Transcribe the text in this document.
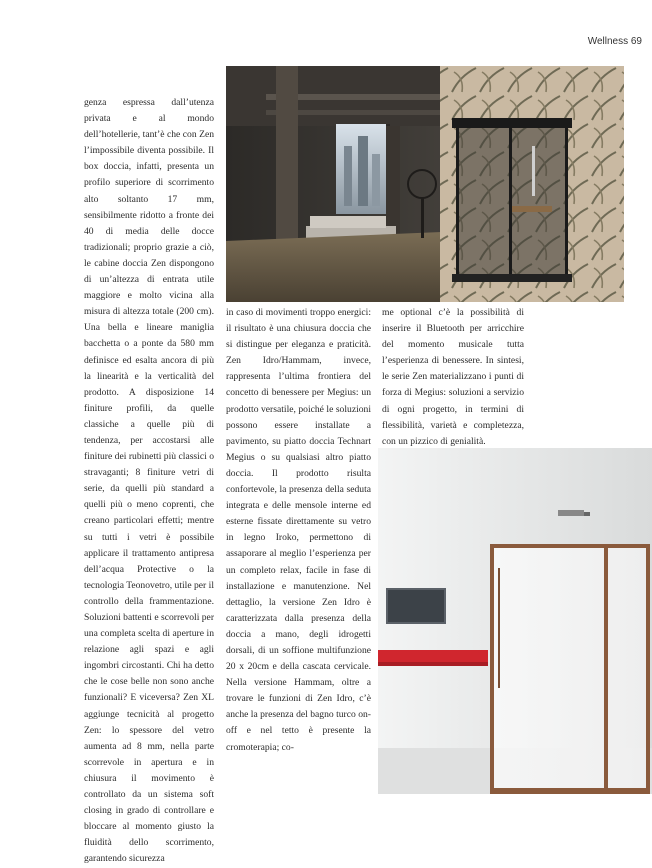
Wellness 69

genza espressa dall’utenza privata e al mondo dell’hotellerie, tant’è che con Zen l’impossibile diventa possibile. Il box doccia, infatti, presenta un profilo superiore di scorrimento alto soltanto 17 mm, sensibilmente ridotto a fronte dei 40 di media delle docce tradizionali; proprio grazie a ciò, le cabine doccia Zen dispongono di un’altezza di entrata utile maggiore e molto vicina alla misura di altezza totale (200 cm). Una bella e lineare maniglia bacchetta o a ponte da 580 mm definisce ed esalta ancora di più la linearità e la verticalità del prodotto. A disposizione 14 finiture profili, da quelle classiche a quelle più di tendenza, per accostarsi alle finiture dei rubinetti più classici o stravaganti; 8 finiture vetri di serie, da quelli più standard a quelli più o meno coprenti, che creano particolari effetti; mentre su tutti i vetri è possibile applicare il trattamento antipresa dell’acqua Protective o la tecnologia Teonovetro, utile per il controllo della frammentazione. Soluzioni battenti e scorrevoli per una completa scelta di aperture in relazione agli spazi e agli ingombri circostanti. Chi ha detto che le cose belle non sono anche funzionali? E viceversa? Zen XL aggiunge tecnicità al progetto Zen: lo spessore del vetro aumenta ad 8 mm, nella parte scorrevole in apertura e in chiusura il movimento è controllato da un sistema soft closing in grado di controllare e bloccare al momento giusto la fluidità dello scorrimento, garantendo sicurezza

in caso di movimenti troppo energici: il risultato è una chiusura doccia che si distingue per eleganza e praticità. Zen Idro/Hammam, invece, rappresenta l’ultima frontiera del concetto di benessere per Megius: un prodotto versatile, poiché le soluzioni possono essere installate a pavimento, su piatto doccia Technart Megius o su qualsiasi altro piatto doccia. Il prodotto risulta confortevole, la presenza della seduta integrata e delle mensole interne ed esterne fissate direttamente su vetro in legno Iroko, permettono di assaporare al meglio l’esperienza per un completo relax, facile in fase di installazione e manutenzione. Nel dettaglio, la versione Zen Idro è caratterizzata dalla presenza della doccia a mano, degli idrogetti dorsali, di un soffione multifunzione 20 x 20cm e della cascata cervicale. Nella versione Hammam, oltre a trovare le funzioni di Zen Idro, c’è anche la presenza del bagno turco on-off e nel tetto è presente la cromoterapia; co-

me optional c’è la possibilità di inserire il Bluetooth per arricchire del momento musicale tutta l’esperienza di benessere. In sintesi, le serie Zen materializzano i punti di forza di Megius: soluzioni a servizio di ogni progetto, in termini di flessibilità, varietà e completezza, con un pizzico di genialità.
